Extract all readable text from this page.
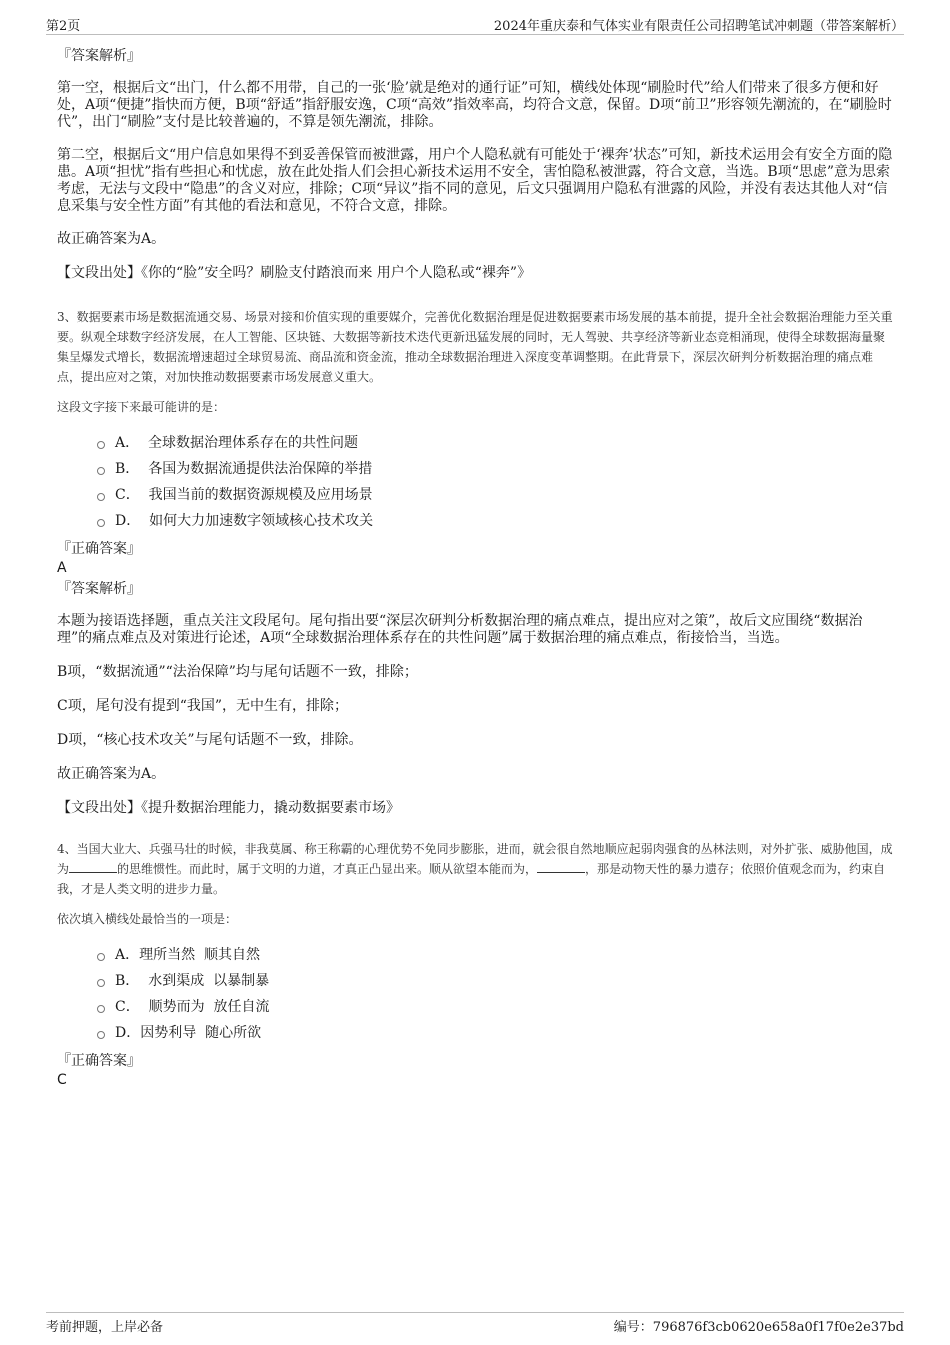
第2页	2024年重庆泰和气体实业有限责任公司招聘笔试冲刺题（带答案解析）

『答案解析』

第一空，根据后文“出门，什么都不用带，自己的一张‘脸’就是绝对的通行证”可知，横线处体现“刷脸时代”给人们带来了很多方便和好处，A项“便捷”指快而方便，B项“舒适”指舒服安逸，C项“高效”指效率高，均符合文意，保留。D项“前卫”形容领先潮流的，在“刷脸时代”，出门“刷脸”支付是比较普遍的，不算是领先潮流，排除。

第二空，根据后文“用户信息如果得不到妥善保管而被泄露，用户个人隐私就有可能处于‘裸奔’状态”可知，新技术运用会有安全方面的隐患。A项“担忧”指有些担心和忧虑，放在此处指人们会担心新技术运用不安全，害怕隐私被泄露，符合文意，当选。B项“思虑”意为思索考虑，无法与文段中“隐患”的含义对应，排除；C项“异议”指不同的意见，后文只强调用户隐私有泄露的风险，并没有表达其他人对“信息采集与安全性方面”有其他的看法和意见，不符合文意，排除。

故正确答案为A。

【文段出处】《你的“脸”安全吗？刷脸支付踏浪而来 用户个人隐私或“裸奔”》

3、数据要素市场是数据流通交易、场景对接和价值实现的重要媒介，完善优化数据治理是促进数据要素市场发展的基本前提，提升全社会数据治理能力至关重要。纵观全球数字经济发展，在人工智能、区块链、大数据等新技术迭代更新迅猛发展的同时，无人驾驶、共享经济等新业态竞相涌现，使得全球数据海量聚集呈爆发式增长，数据流增速超过全球贸易流、商品流和资金流，推动全球数据治理进入深度变革调整期。在此背景下，深层次研判分析数据治理的痛点难点，提出应对之策，对加快推动数据要素市场发展意义重大。

这段文字接下来最可能讲的是：

A．  全球数据治理体系存在的共性问题
B．  各国为数据流通提供法治保障的举措
C．  我国当前的数据资源规模及应用场景
D．  如何大力加速数字领域核心技术攻关

『正确答案』

A

『答案解析』

本题为接语选择题，重点关注文段尾句。尾句指出要“深层次研判分析数据治理的痛点难点，提出应对之策”，故后文应围绕“数据治理”的痛点难点及对策进行论述，A项“全球数据治理体系存在的共性问题”属于数据治理的痛点难点，衔接恰当，当选。

B项，“数据流通”“法治保障”均与尾句话题不一致，排除；

C项，尾句没有提到“我国”，无中生有，排除；

D项，“核心技术攻关”与尾句话题不一致，排除。

故正确答案为A。

【文段出处】《提升数据治理能力，撬动数据要素市场》

4、当国大业大、兵强马壮的时候，非我莫属、称王称霸的心理优势不免同步膨胀，进而，就会很自然地顺应起弱肉强食的丛林法则，对外扩张、威胁他国，成为	的思维惯性。而此时，属于文明的力道，才真正凸显出来。顺从欲望本能而为，	，那是动物天性的暴力遗存；依照价值观念而为，约束自我，才是人类文明的进步力量。

依次填入横线处最恰当的一项是：

A．理所当然  顺其自然
B．  水到渠成  以暴制暴
C．  顺势而为  放任自流
D．因势利导  随心所欲

『正确答案』

C

考前押题，上岸必备	编号：796876f3cb0620e658a0f17f0e2e37bd
